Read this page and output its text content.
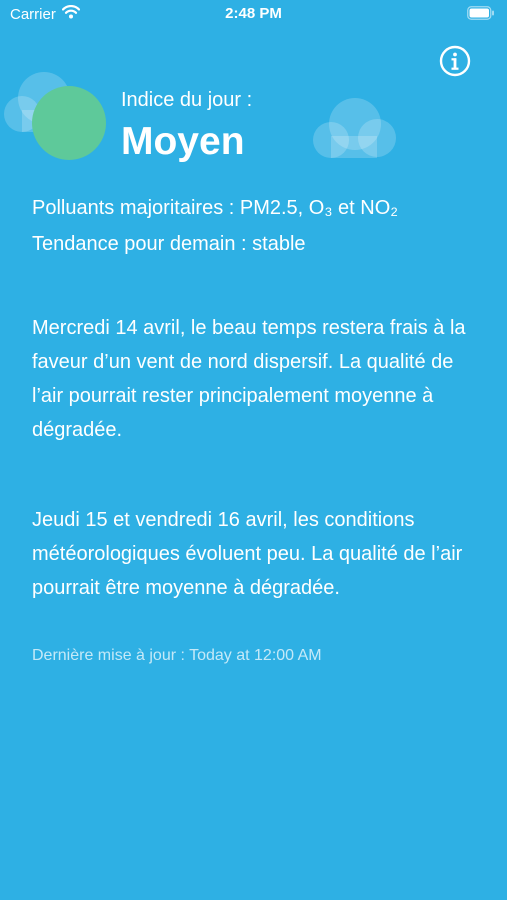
Carrier	2:48 PM
Indice du jour :
Moyen
Polluants majoritaires : PM2.5, O₃ et NO₂
Tendance pour demain : stable

Mercredi 14 avril, le beau temps restera frais à la faveur d’un vent de nord dispersif. La qualité de l’air pourrait rester principalement moyenne à dégradée.

Jeudi 15 et vendredi 16 avril, les conditions météorologiques évoluent peu. La qualité de l’air pourrait être moyenne à dégradée.

Dernière mise à jour : Today at 12:00 AM
